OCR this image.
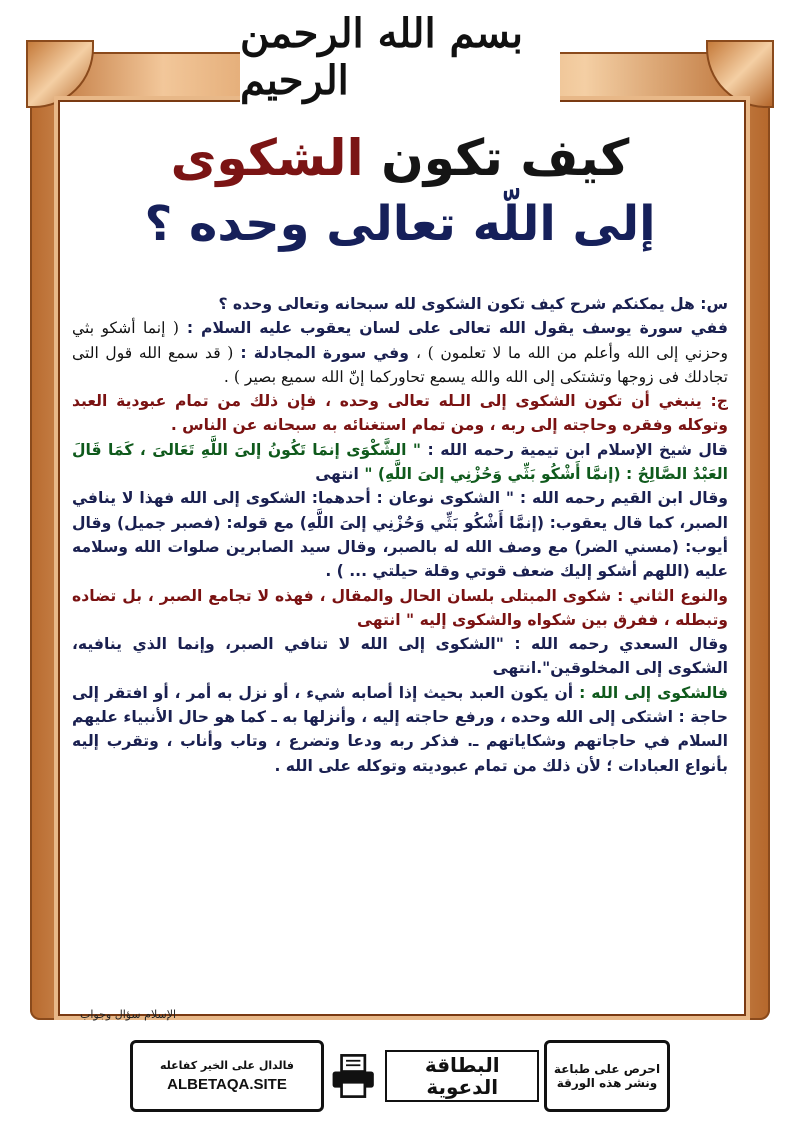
بسم الله الرحمن الرحيم
كيف تكون الشكوى
إلى اللّه تعالى وحده ؟

س: هل يمكنكم شرح كيف تكون الشكوى لله سبحانه وتعالى وحده ؟

ففي سورة يوسف يقول الله تعالى على لسان يعقوب عليه السلام : ( إنما أشكو بثي وحزني إلى الله وأعلم من الله ما لا تعلمون ) ، وفي سورة المجادلة : ( قد سمع الله قول التى تجادلك فى زوجها وتشتكى إلى الله والله يسمع تحاوركما إنّ الله سميع بصير ) .

ج: ينبغي أن تكون الشكوى إلى الـله تعالى وحده ، فإن ذلك من تمام عبودية العبد وتوكله وفقره وحاجته إلى ربه ، ومن تمام استغنائه به سبحانه عن الناس .

قال شيخ الإسلام ابن تيمية رحمه الله : " الشَّكْوَى إنمَا تَكُونُ إلىَ اللَّهِ تَعَالىَ ، كَمَا قَالَ العَبْدُ الصَّالِحُ : (إنمَّا أَشْكُو بَثِّي وَحُزْنِي إلىَ اللَّهِ) " انتهى

وقال ابن القيم رحمه الله : " الشكوى نوعان : أحدهما: الشكوى إلى الله فهذا لا ينافي الصبر، كما قال يعقوب: (إنمَّا أَشْكُو بَثِّي وَحُزْنِي إلىَ اللَّهِ) مع قوله: (فصبر جميل) وقال أيوب: (مسني الضر) مع وصف الله له بالصبر، وقال سيد الصابرين صلوات الله وسلامه عليه (اللهم أشكو إليك ضعف قوتي وقلة حيلتي ... ) .

والنوع الثاني : شكوى المبتلى بلسان الحال والمقال ، فهذه لا تجامع الصبر ، بل تضاده وتبطله ، ففرق بين شكواه والشكوى إليه " انتهى

وقال السعدي رحمه الله : "الشكوى إلى الله لا تنافي الصبر، وإنما الذي ينافيه، الشكوى إلى المخلوقين".انتهى

فالشكوى إلى الله : أن يكون العبد بحيث إذا أصابه شيء ، أو نزل به أمر ، أو افتقر إلى حاجة : اشتكى إلى الله وحده ، ورفع حاجته إليه ، وأنزلها به ـ كما هو حال الأنبياء عليهم السلام في حاجاتهم وشكاياتهم ـ. فذكر ربه ودعا وتضرع ، وتاب وأناب ، وتقرب إليه بأنواع العبادات ؛ لأن ذلك من تمام عبوديته وتوكله على الله .

الإسلام سؤال وجواب
فالدال على الخير كفاعله
ALBETAQA.SITE
البطاقة الدعوية
احرص على طباعة
ونشر هذه الورقة
